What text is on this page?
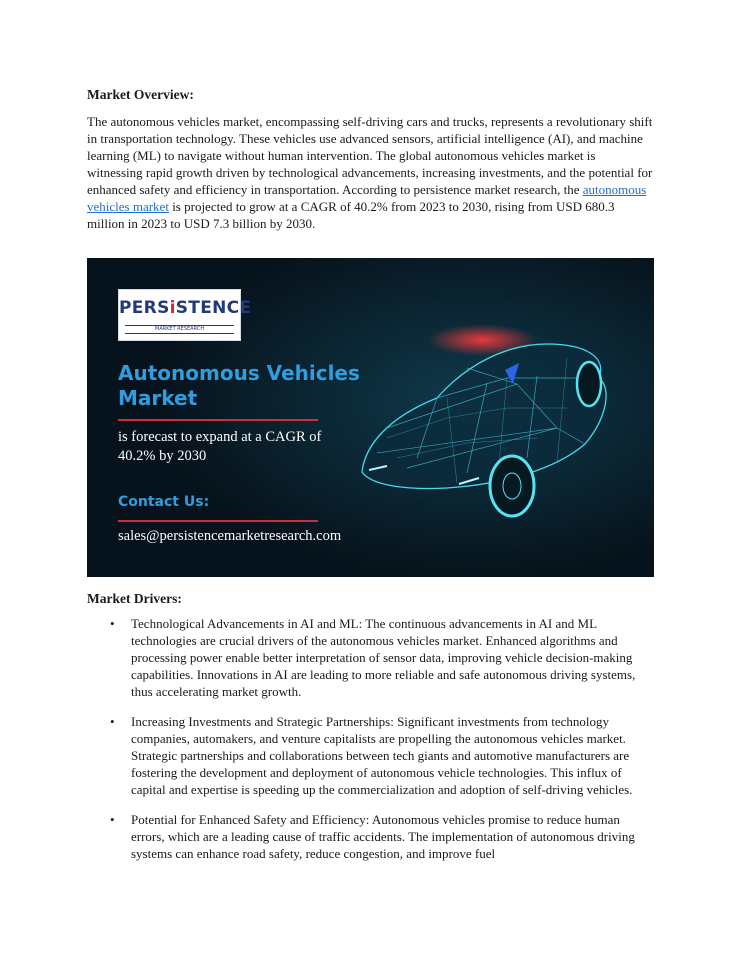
Market Overview:

The autonomous vehicles market, encompassing self-driving cars and trucks, represents a revolutionary shift in transportation technology. These vehicles use advanced sensors, artificial intelligence (AI), and machine learning (ML) to navigate without human intervention. The global autonomous vehicles market is witnessing rapid growth driven by technological advancements, increasing investments, and the potential for enhanced safety and efficiency in transportation. According to persistence market research, the autonomous vehicles market is projected to grow at a CAGR of 40.2% from 2023 to 2030, rising from USD 680.3 million in 2023 to USD 7.3 billion by 2030.

PERSiSTENCE
MARKET RESEARCH
Autonomous Vehicles Market
is forecast to expand at a CAGR of 40.2% by 2030
Contact Us:
sales@persistencemarketresearch.com
Market Drivers:
• Technological Advancements in AI and ML: The continuous advancements in AI and ML technologies are crucial drivers of the autonomous vehicles market. Enhanced algorithms and processing power enable better interpretation of sensor data, improving vehicle decision-making capabilities. Innovations in AI are leading to more reliable and safe autonomous driving systems, thus accelerating market growth.
• Increasing Investments and Strategic Partnerships: Significant investments from technology companies, automakers, and venture capitalists are propelling the autonomous vehicles market. Strategic partnerships and collaborations between tech giants and automotive manufacturers are fostering the development and deployment of autonomous vehicle technologies. This influx of capital and expertise is speeding up the commercialization and adoption of self-driving vehicles.
• Potential for Enhanced Safety and Efficiency: Autonomous vehicles promise to reduce human errors, which are a leading cause of traffic accidents. The implementation of autonomous driving systems can enhance road safety, reduce congestion, and improve fuel
